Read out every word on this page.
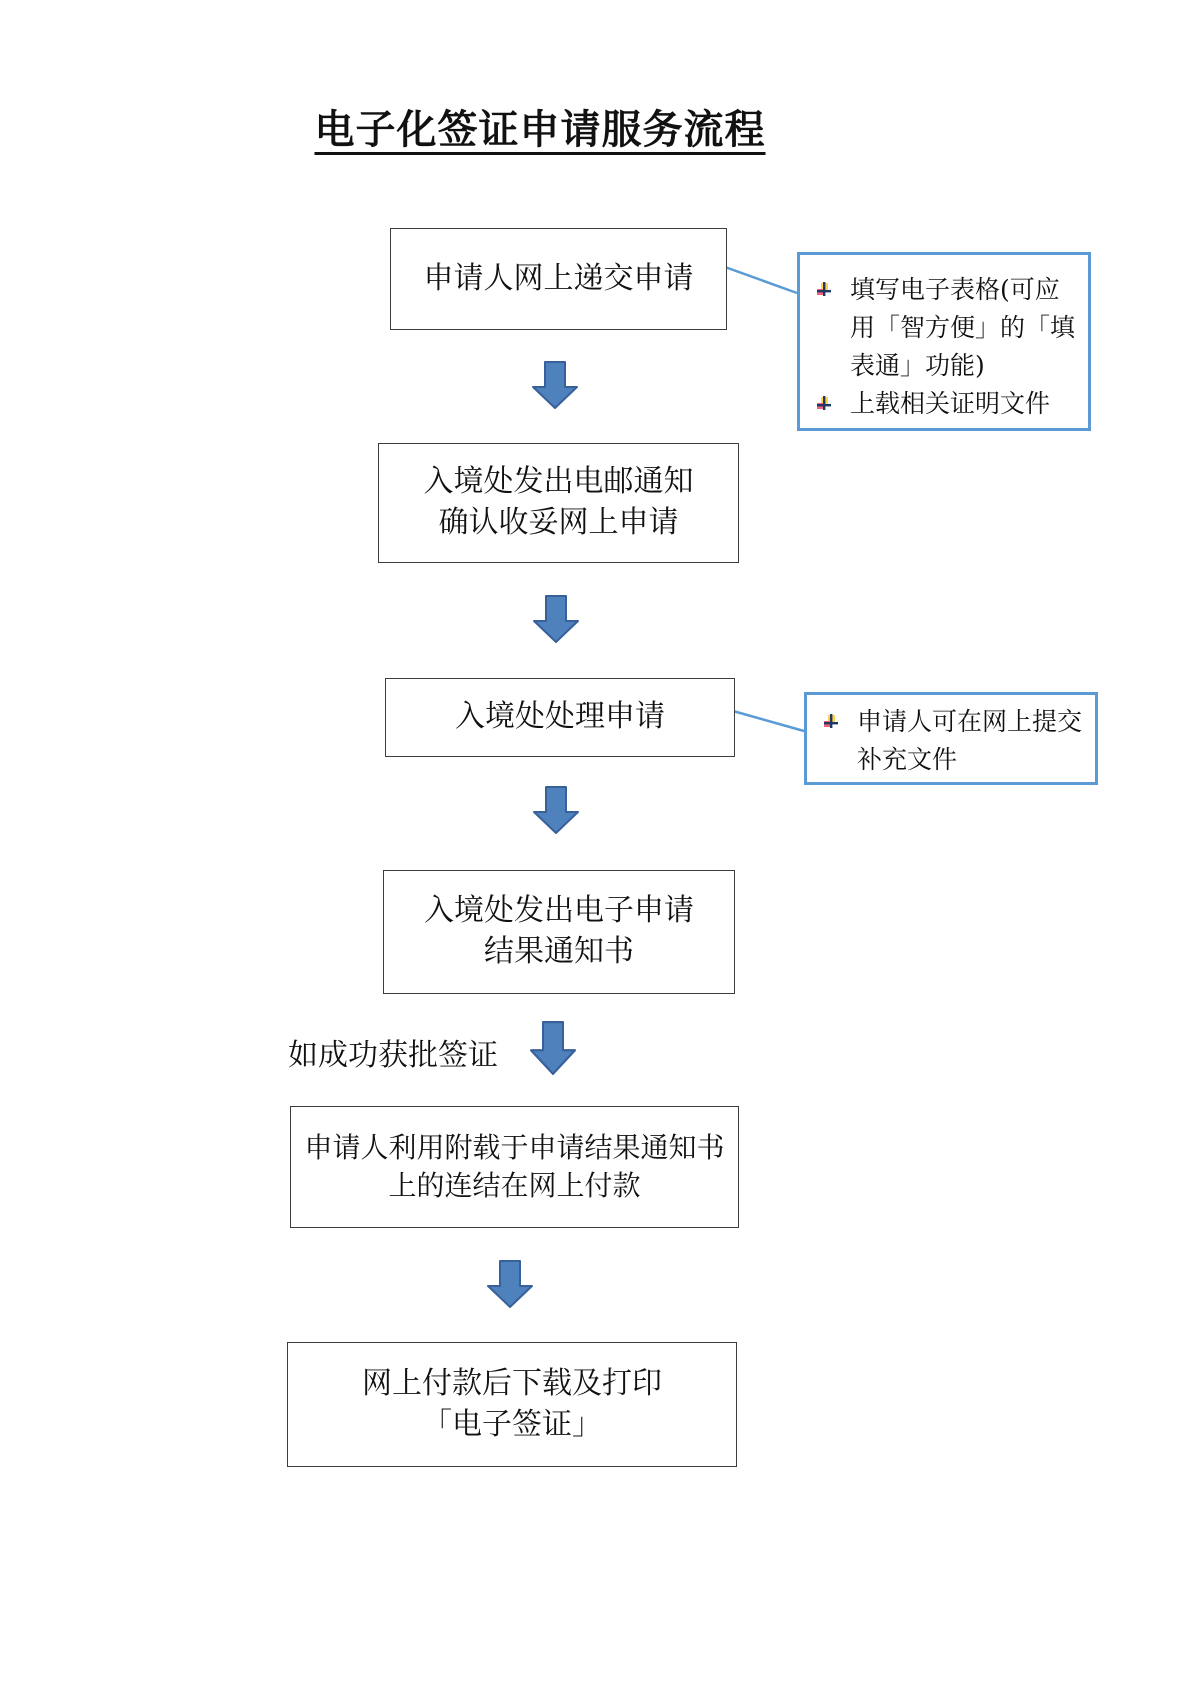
电子化签证申请服务流程
申请人网上递交申请
入境处发出电邮通知
确认收妥网上申请
入境处处理申请
入境处发出电子申请
结果通知书
如成功获批签证
申请人利用附载于申请结果通知书
上的连结在网上付款
网上付款后下载及打印
「电子签证」
填写电子表格(可应
用「智方便」的「填
表通」功能)
上载相关证明文件
申请人可在网上提交
补充文件
